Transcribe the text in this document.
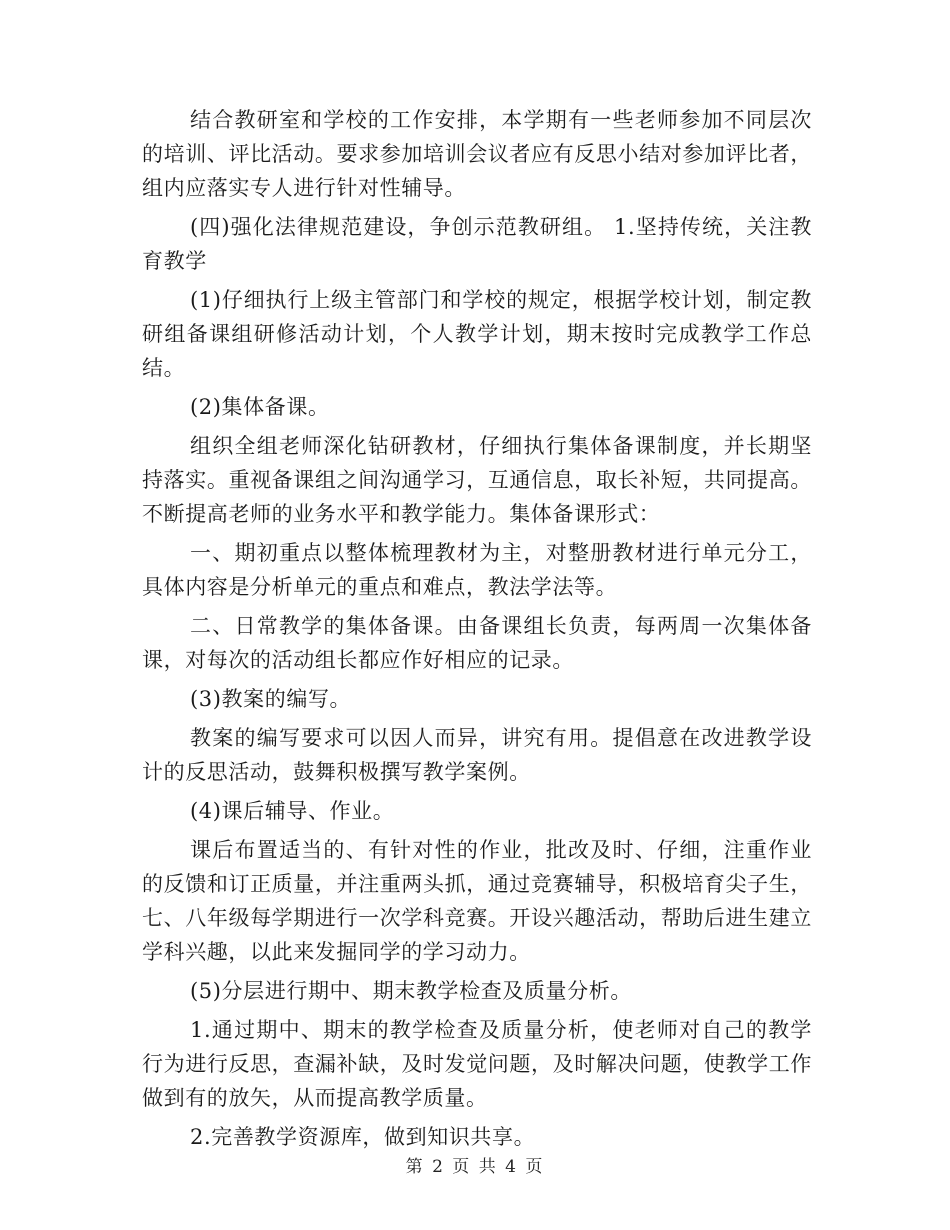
结合教研室和学校的工作安排，本学期有一些老师参加不同层次的培训、评比活动。要求参加培训会议者应有反思小结对参加评比者，组内应落实专人进行针对性辅导。

(四)强化法律规范建设，争创示范教研组。 1.坚持传统，关注教育教学

(1)仔细执行上级主管部门和学校的规定，根据学校计划，制定教研组备课组研修活动计划，个人教学计划，期末按时完成教学工作总结。

(2)集体备课。

组织全组老师深化钻研教材，仔细执行集体备课制度，并长期坚持落实。重视备课组之间沟通学习，互通信息，取长补短，共同提高。不断提高老师的业务水平和教学能力。集体备课形式：

一、期初重点以整体梳理教材为主，对整册教材进行单元分工，具体内容是分析单元的重点和难点，教法学法等。

二、日常教学的集体备课。由备课组长负责，每两周一次集体备课，对每次的活动组长都应作好相应的记录。

(3)教案的编写。

教案的编写要求可以因人而异，讲究有用。提倡意在改进教学设计的反思活动，鼓舞积极撰写教学案例。

(4)课后辅导、作业。

课后布置适当的、有针对性的作业，批改及时、仔细，注重作业的反馈和订正质量，并注重两头抓，通过竞赛辅导，积极培育尖子生，七、八年级每学期进行一次学科竞赛。开设兴趣活动，帮助后进生建立学科兴趣，以此来发掘同学的学习动力。

(5)分层进行期中、期末教学检查及质量分析。

1.通过期中、期末的教学检查及质量分析，使老师对自己的教学行为进行反思，查漏补缺，及时发觉问题，及时解决问题，使教学工作做到有的放矢，从而提高教学质量。

2.完善教学资源库，做到知识共享。

第 2 页 共 4 页
